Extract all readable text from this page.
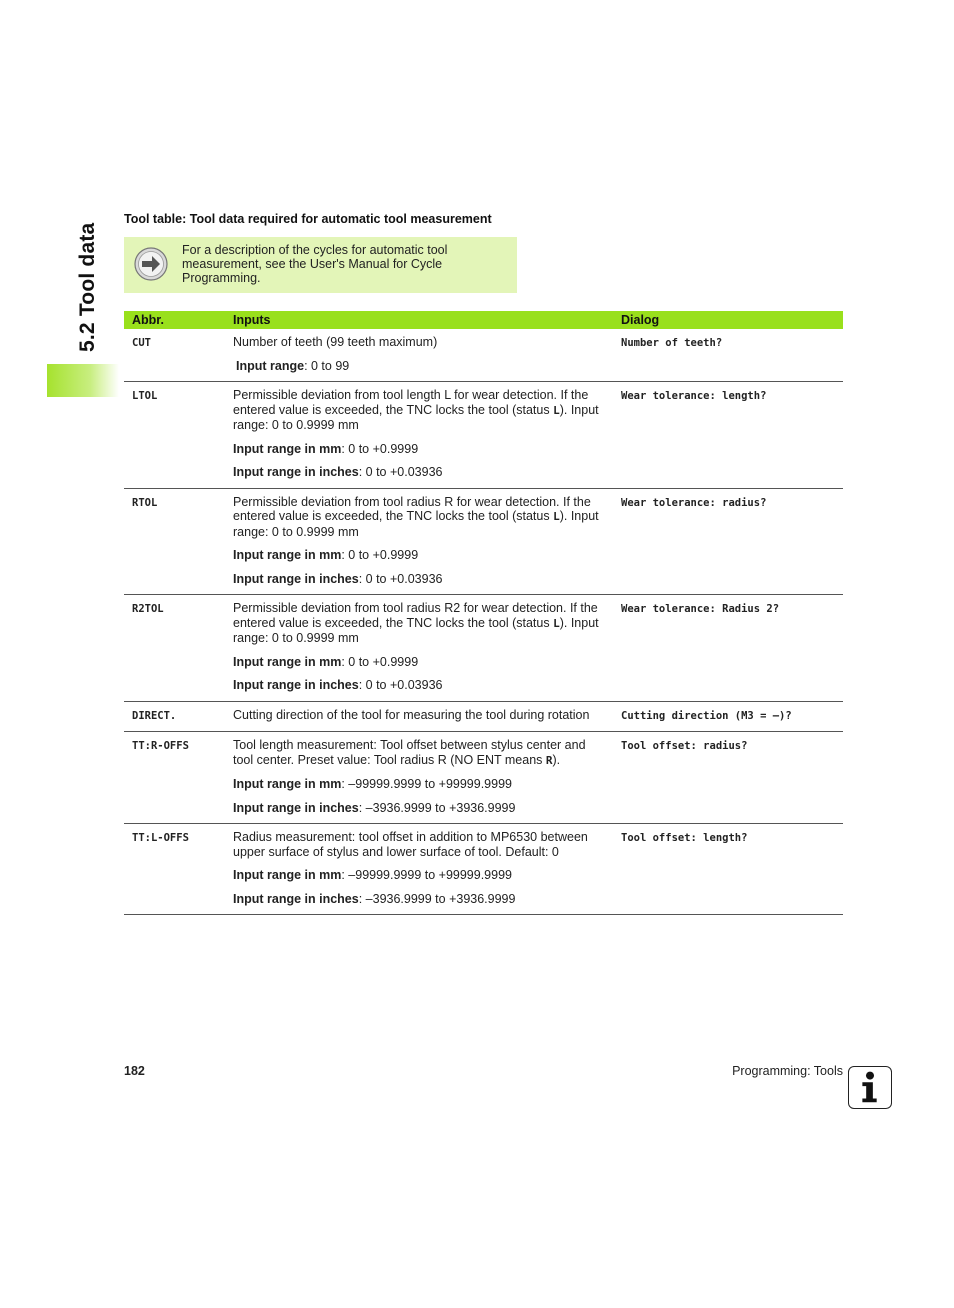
5.2 Tool data
Tool table: Tool data required for automatic tool measurement
For a description of the cycles for automatic tool measurement, see the User's Manual for Cycle Programming.
Abbr.	Inputs	Dialog

CUT	Number of teeth (99 teeth maximum)

Input range: 0 to 99	Number of teeth?

LTOL	Permissible deviation from tool length L for wear detection. If the entered value is exceeded, the TNC locks the tool (status L). Input range: 0 to 0.9999 mm

Input range in mm: 0 to +0.9999

Input range in inches: 0 to +0.03936	Wear tolerance: length?

RTOL	Permissible deviation from tool radius R for wear detection. If the entered value is exceeded, the TNC locks the tool (status L). Input range: 0 to 0.9999 mm

Input range in mm: 0 to +0.9999

Input range in inches: 0 to +0.03936	Wear tolerance: radius?

R2TOL	Permissible deviation from tool radius R2 for wear detection. If the entered value is exceeded, the TNC locks the tool (status L). Input range: 0 to 0.9999 mm

Input range in mm: 0 to +0.9999

Input range in inches: 0 to +0.03936	Wear tolerance: Radius 2?

DIRECT.	Cutting direction of the tool for measuring the tool during rotation	Cutting direction (M3 = –)?

TT:R-OFFS	Tool length measurement: Tool offset between stylus center and tool center. Preset value: Tool radius R (NO ENT means R).

Input range in mm: –99999.9999 to +99999.9999

Input range in inches: –3936.9999 to +3936.9999	Tool offset: radius?

TT:L-OFFS	Radius measurement: tool offset in addition to MP6530 between upper surface of stylus and lower surface of tool. Default: 0

Input range in mm: –99999.9999 to +99999.9999

Input range in inches: –3936.9999 to +3936.9999	Tool offset: length?
182	Programming: Tools
